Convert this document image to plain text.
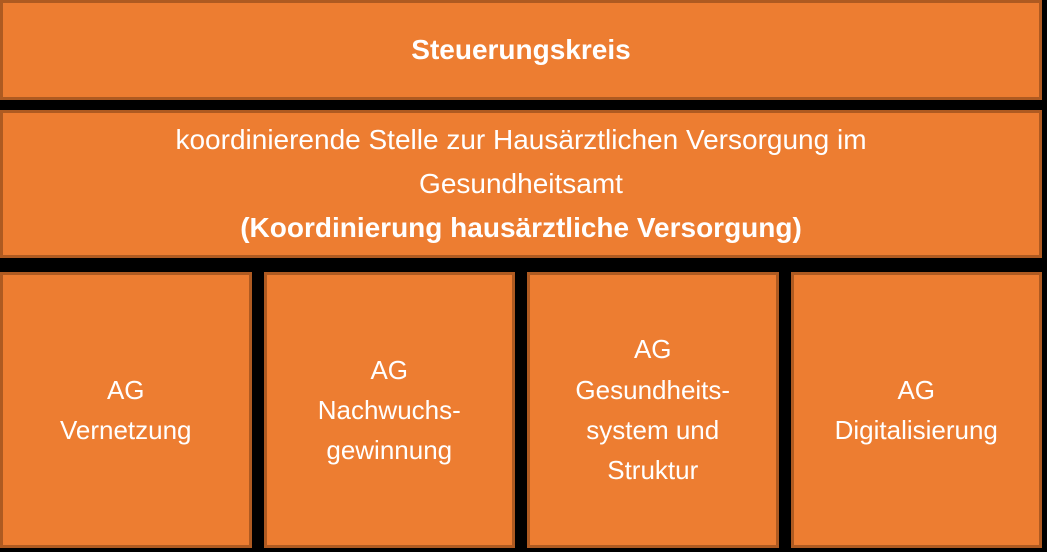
Steuerungskreis
koordinierende Stelle zur Hausärztlichen Versorgung im
Gesundheitsamt
(Koordinierung hausärztliche Versorgung)
AG
Vernetzung
AG
Nachwuchs-
gewinnung
AG
Gesundheits-
system und
Struktur
AG
Digitalisierung
